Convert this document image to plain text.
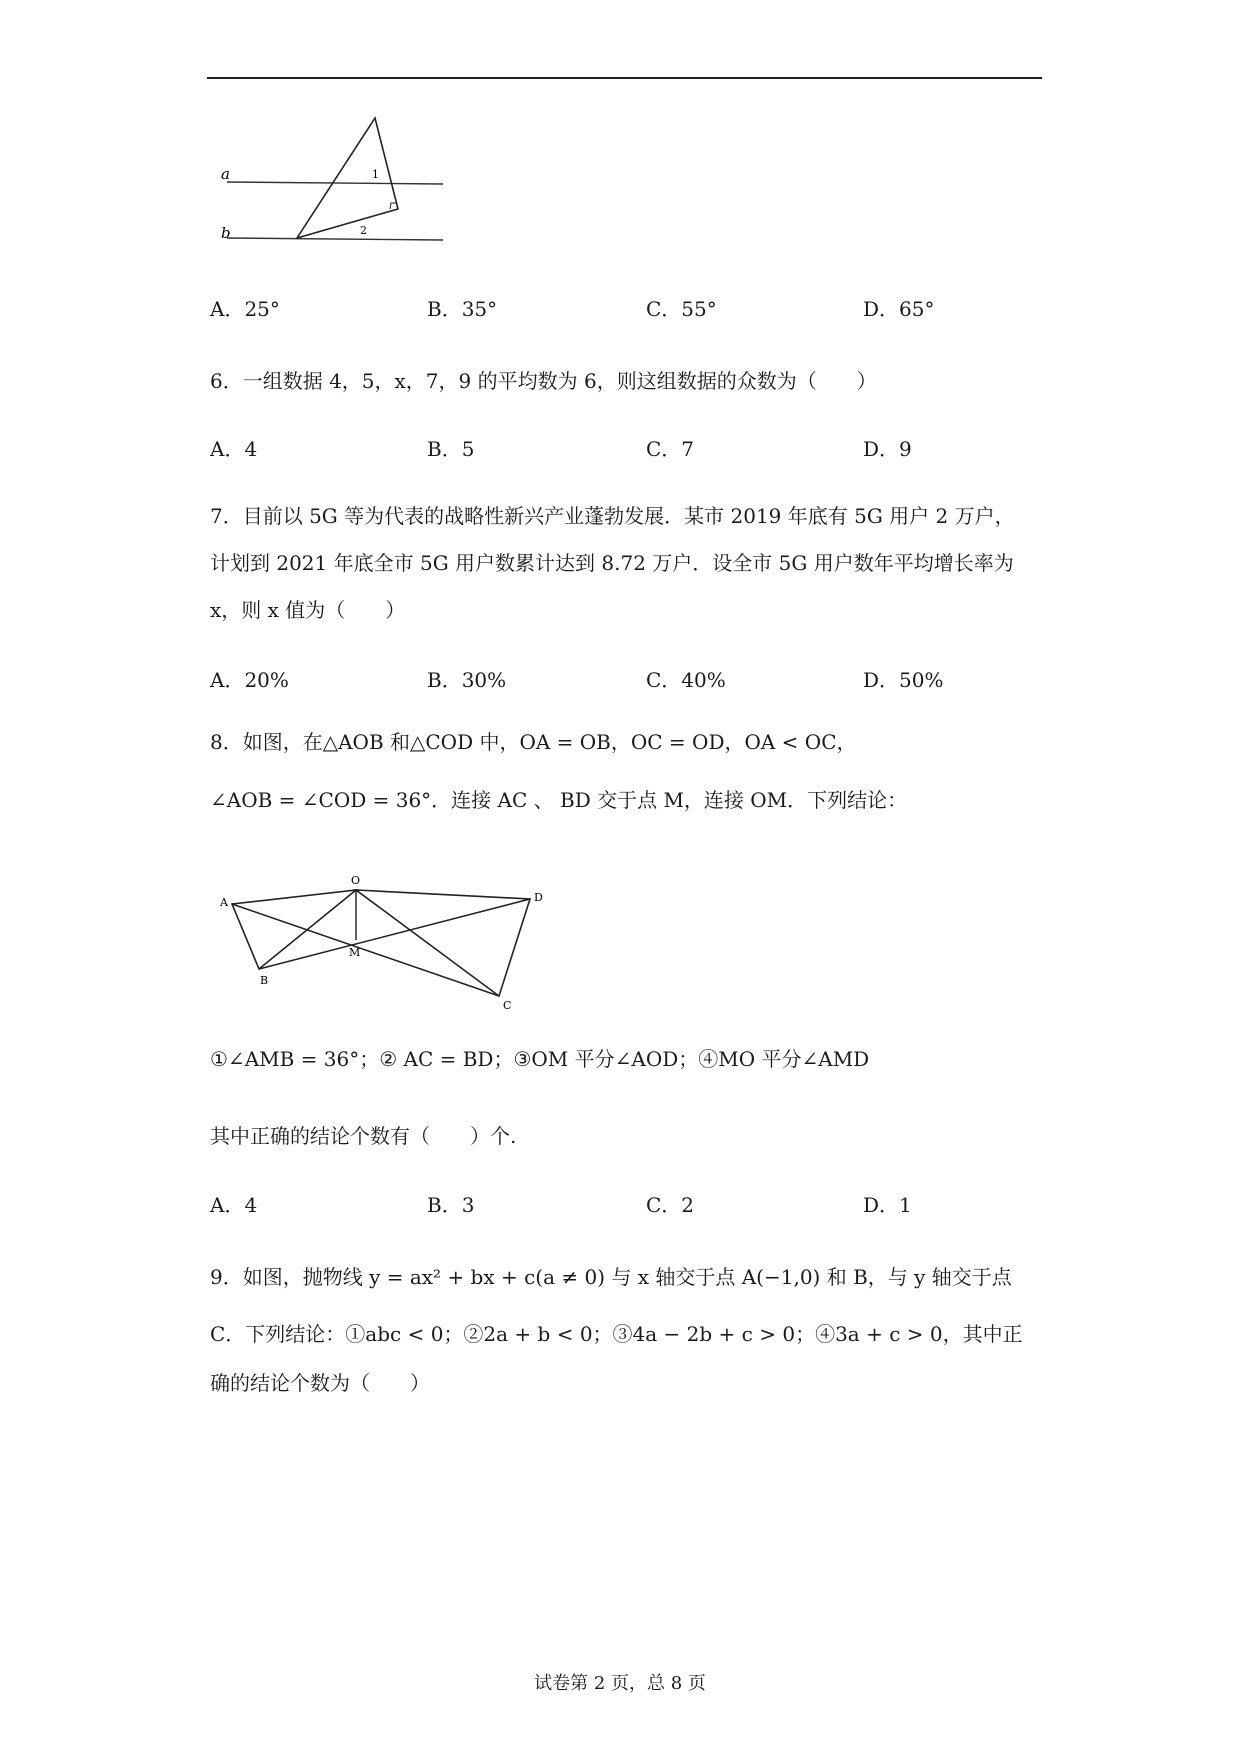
a
b
1
2
A．25°	B．35°	C．55°	D．65°
6．一组数据 4，5，x，7，9 的平均数为 6，则这组数据的众数为（　　）
A．4	B．5	C．7	D．9
7．目前以 5G 等为代表的战略性新兴产业蓬勃发展．某市 2019 年底有 5G 用户 2 万户，
计划到 2021 年底全市 5G 用户数累计达到 8.72 万户．设全市 5G 用户数年平均增长率为
x，则 x 值为（　　）
A．20%	B．30%	C．40%	D．50%
8．如图，在△AOB 和△COD 中，OA = OB，OC = OD，OA < OC，
∠AOB = ∠COD = 36°．连接 AC 、 BD 交于点 M，连接 OM．下列结论：
A
O
D
B
M
C
①∠AMB = 36°；② AC = BD；③OM 平分∠AOD；④MO 平分∠AMD
其中正确的结论个数有（　　）个.
A．4	B．3	C．2	D．1
9．如图，抛物线 y = ax² + bx + c(a ≠ 0) 与 x 轴交于点 A(−1,0) 和 B，与 y 轴交于点
C．下列结论：①abc < 0；②2a + b < 0；③4a − 2b + c > 0；④3a + c > 0，其中正
确的结论个数为（　　）
试卷第 2 页，总 8 页
